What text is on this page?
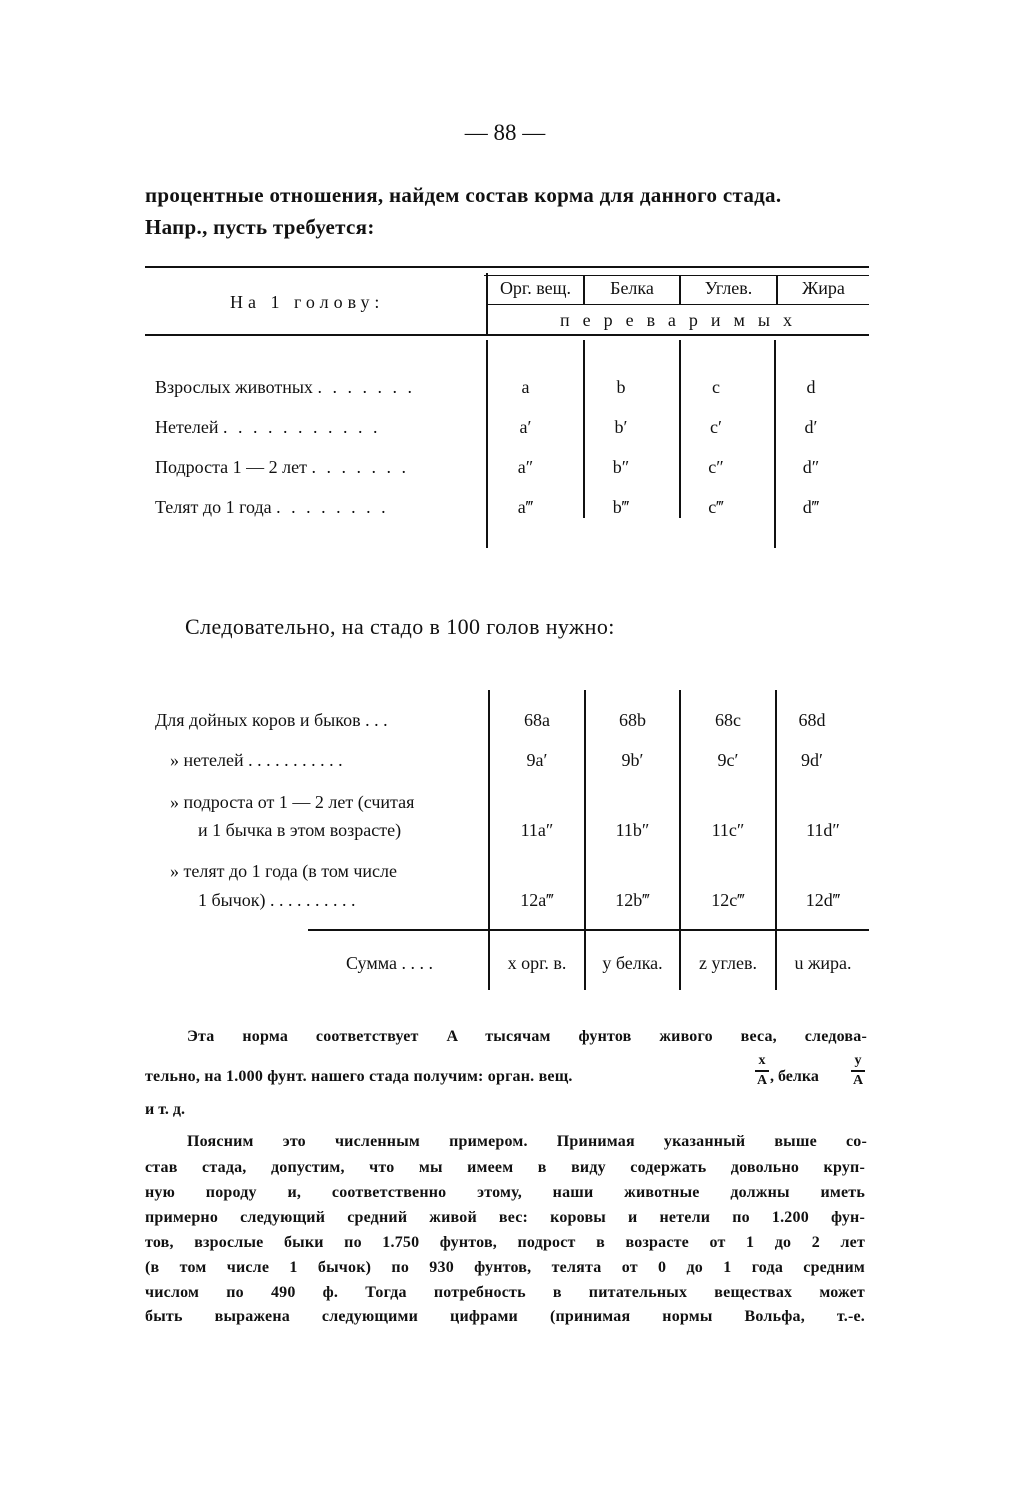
— 88 —
процентные отношения, найдем состав корма для данного стада.
Напр., пусть требуется:
На 1 голову:
Орг. вещ.	Белка	Углев.	Жира
переваримых
Взрослых животных . . . . . . .	a	b	c	d
Нетелей . . . . . . . . . . .	a′	b′	c′	d′
Подроста 1 — 2 лет . . . . . . .	a″	b″	c″	d″
Телят до 1 года . . . . . . . .	a‴	b‴	c‴	d‴
Следовательно, на стадо в 100 голов нужно:
Для дойных коров и быков . . .	68a	68b	68c	68d
» нетелей . . . . . . . . . . .	9a′	9b′	9c′	9d′
» подроста от 1 — 2 лет (считая
и 1 бычка в этом возрасте)	11a″	11b″	11c″	11d″
» телят до 1 года (в том числе
1 бычок) . . . . . . . . . .	12a‴	12b‴	12c‴	12d‴
Сумма . . . .	x орг. в.	y белка.	z углев.	u жира.
Эта норма соответствует A тысячам фунтов живого веса, следова-
тельно, на 1.000 фунт. нашего стада получим: орган. вещ.
x
A , белка
y
A
и т. д.
Поясним это численным примером. Принимая указанный выше со-
став стада, допустим, что мы имеем в виду содержать довольно круп-
ную породу и, соответственно этому, наши животные должны иметь
примерно следующий средний живой вес: коровы и нетели по 1.200 фун-
тов, взрослые быки по 1.750 фунтов, подрост в возрасте от 1 до 2 лет
(в том числе 1 бычок) по 930 фунтов, телята от 0 до 1 года средним
числом по 490 ф. Тогда потребность в питательных веществах может
быть выражена следующими цифрами (принимая нормы Вольфа, т.-е.
